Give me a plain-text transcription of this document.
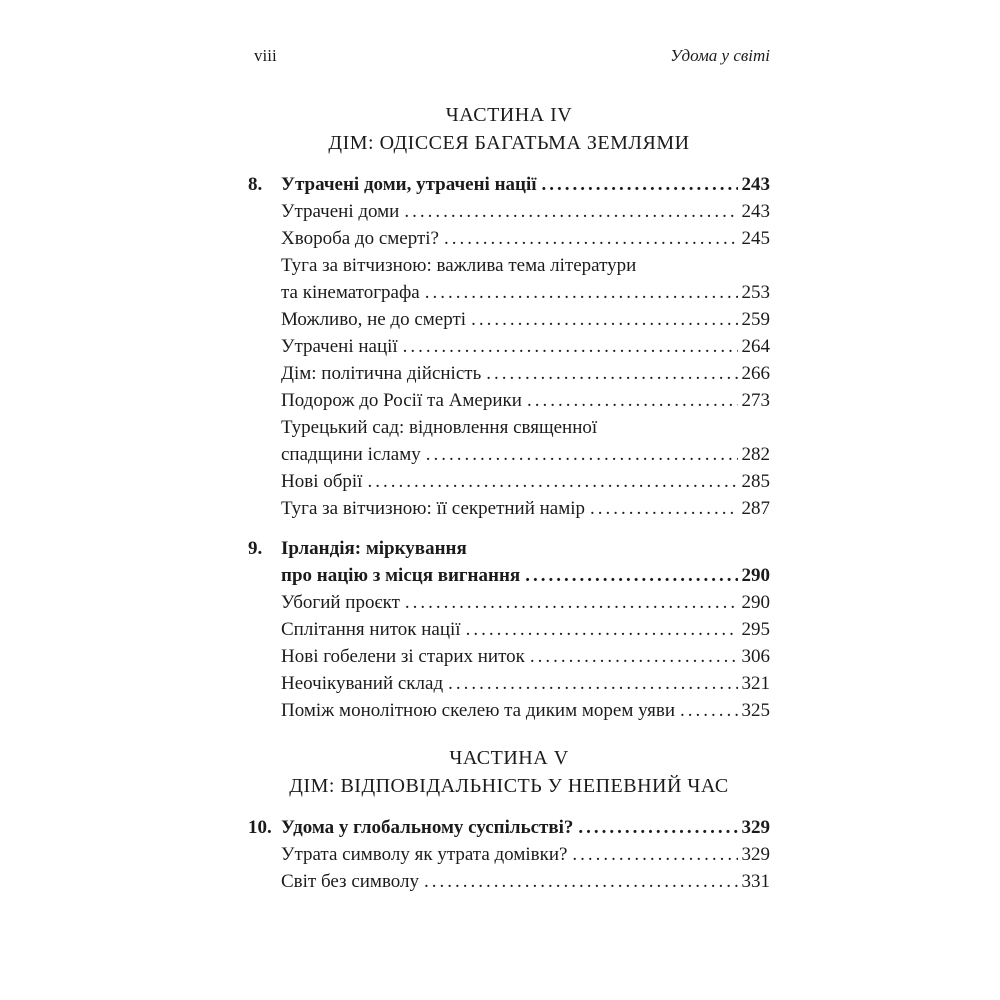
viii	Удома у світі
ЧАСТИНА IV
ДІМ: ОДІССЕЯ БАГАТЬМА ЗЕМЛЯМИ
8. Утрачені доми, утрачені нації .....	243
Утрачені доми .....	243
Хвороба до смерті? .....	245
Туга за вітчизною: важлива тема літератури
та кінематографа .....	253
Можливо, не до смерті .....	259
Утрачені нації .....	264
Дім: політична дійсність .....	266
Подорож до Росії та Америки .....	273
Турецький сад: відновлення священної
спадщини ісламу .....	282
Нові обрії .....	285
Туга за вітчизною: її секретний намір .....	287
9. Ірландія: міркування
про націю з місця вигнання .....	290
Убогий проєкт .....	290
Сплітання ниток нації .....	295
Нові гобелени зі старих ниток .....	306
Неочікуваний склад .....	321
Поміж монолітною скелею та диким морем уяви .....	325
ЧАСТИНА V
ДІМ: ВІДПОВІДАЛЬНІСТЬ У НЕПЕВНИЙ ЧАС
10. Удома у глобальному суспільстві? .....	329
Утрата символу як утрата домівки? .....	329
Світ без символу .....	331
